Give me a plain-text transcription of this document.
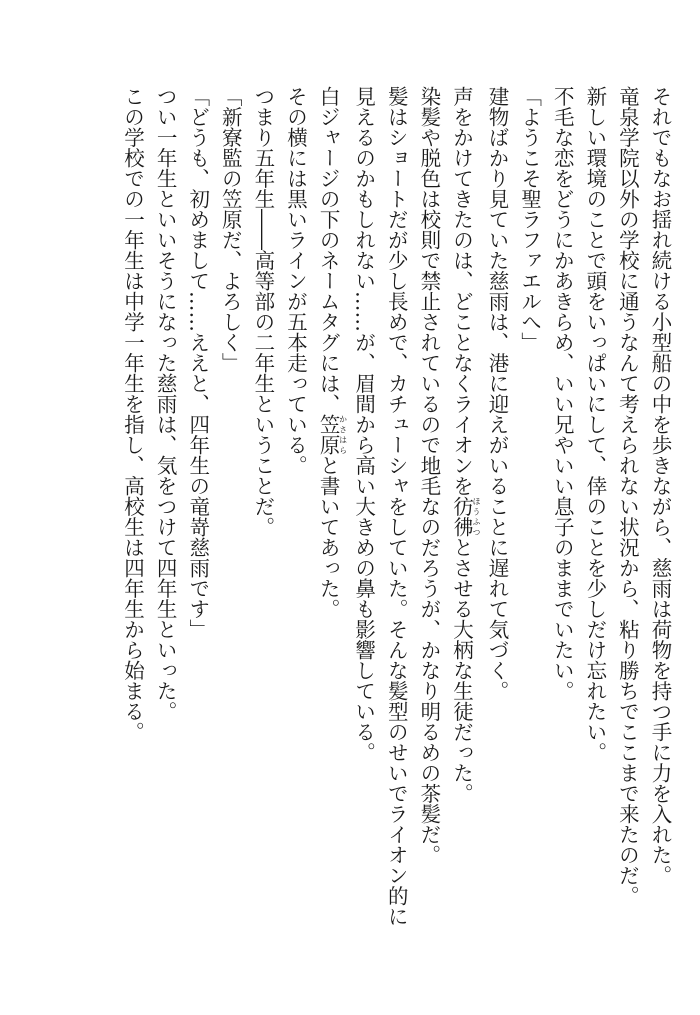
それでもなお揺れ続ける小型船の中を歩きながら、慈雨は荷物を持つ手に力を入れた。

竜泉学院以外の学校に通うなんて考えられない状況から、粘り勝ちでここまで来たのだ。

新しい環境のことで頭をいっぱいにして、倖のことを少しだけ忘れたい。

不毛な恋をどうにかあきらめ、いい兄やいい息子のままでいたい。

「ようこそ聖ラファエルへ」

建物ばかり見ていた慈雨は、港に迎えがいることに遅れて気づく。

声をかけてきたのは、どことなくライオンを彷彿ほうふつとさせる大柄な生徒だった。

染髪や脱色は校則で禁止されているので地毛なのだろうが、かなり明るめの茶髪だ。

髪はショートだが少し長めで、カチューシャをしていた。そんな髪型のせいでライオン的に

見えるのかもしれない……が、眉間から高い大きめの鼻も影響している。

白ジャージの下のネームタグには、笠原かさはらと書いてあった。

その横には黒いラインが五本走っている。

つまり五年生――高等部の二年生ということだ。

「新寮監の笠原だ、よろしく」

「どうも、初めまして……ええと、四年生の竜嵜慈雨です」

つい一年生といいそうになった慈雨は、気をつけて四年生といった。

この学校での一年生は中学一年生を指し、高校生は四年生から始まる。
